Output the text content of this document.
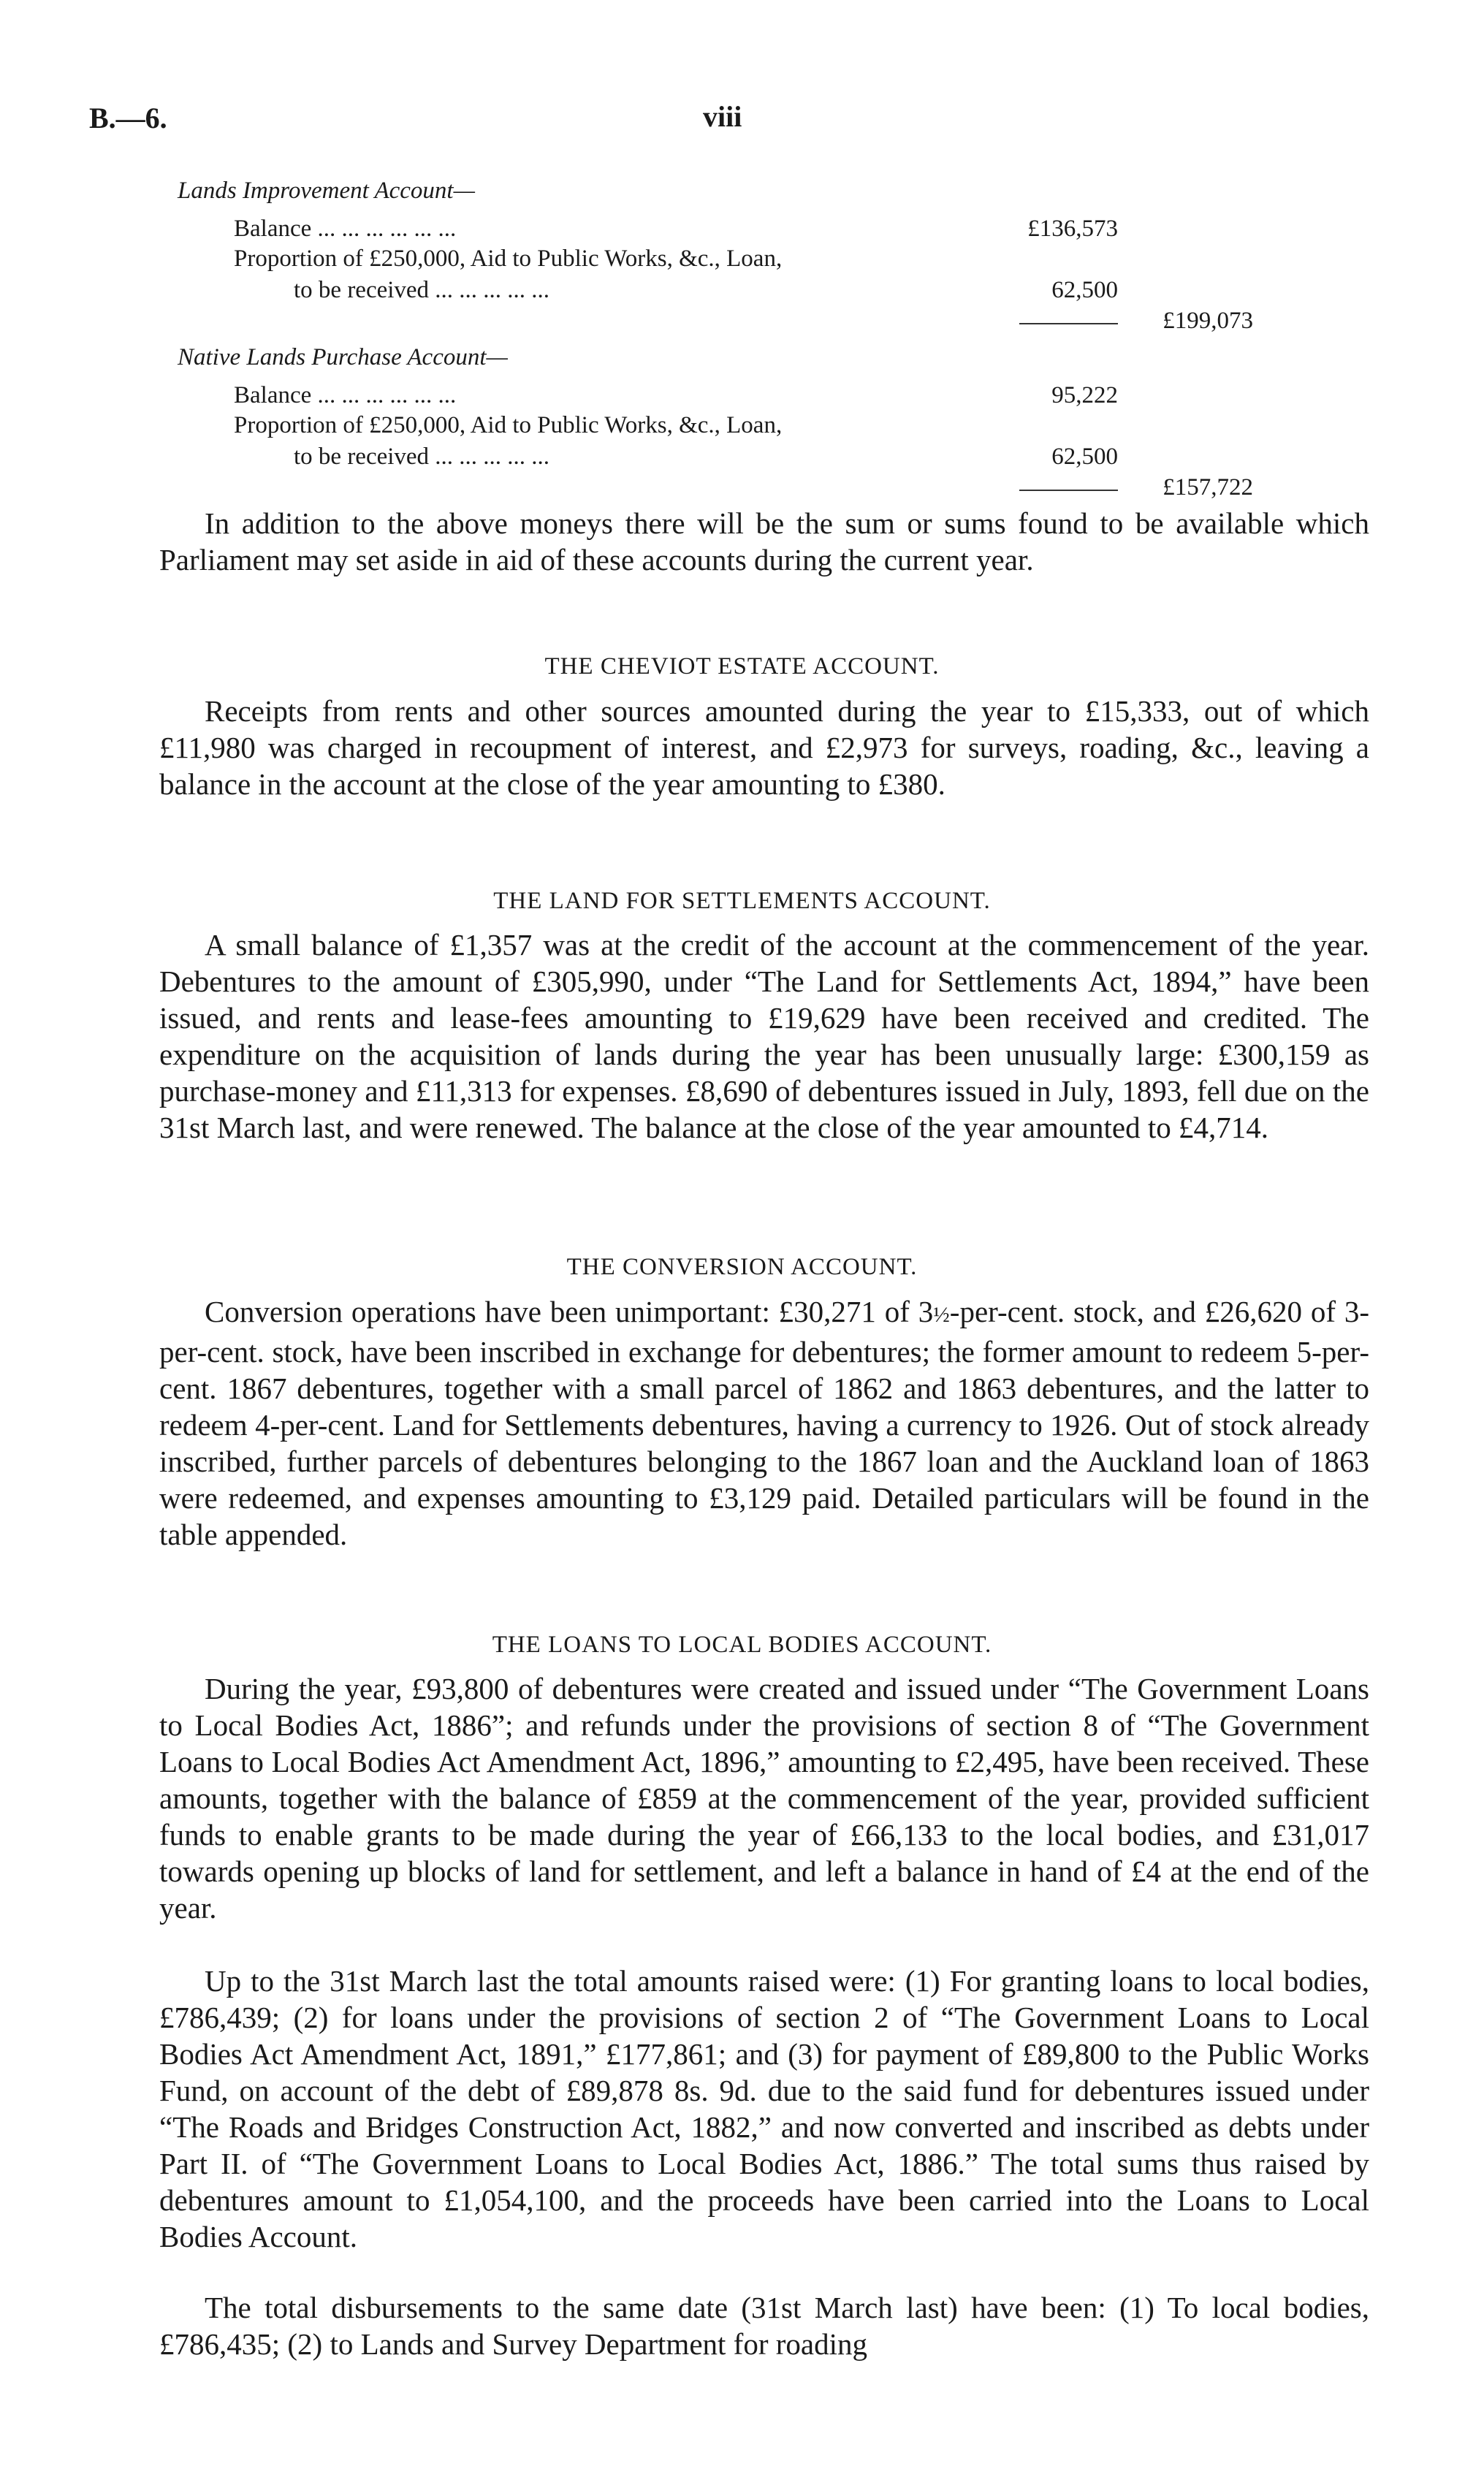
B.—6.	viii
Lands Improvement Account—
Balance ... ... ... ... ... ...	£136,573
Proportion of £250,000, Aid to Public Works, &c., Loan,
to be received ... ... ... ... ...	62,500
£199,073
Native Lands Purchase Account—
Balance ... ... ... ... ... ...	95,222
Proportion of £250,000, Aid to Public Works, &c., Loan,
to be received ... ... ... ... ...	62,500
£157,722
In addition to the above moneys there will be the sum or sums found to be available which Parliament may set aside in aid of these accounts during the current year.
THE CHEVIOT ESTATE ACCOUNT.
Receipts from rents and other sources amounted during the year to £15,333, out of which £11,980 was charged in recoupment of interest, and £2,973 for surveys, roading, &c., leaving a balance in the account at the close of the year amounting to £380.
THE LAND FOR SETTLEMENTS ACCOUNT.
A small balance of £1,357 was at the credit of the account at the commencement of the year. Debentures to the amount of £305,990, under “The Land for Settlements Act, 1894,” have been issued, and rents and lease-fees amounting to £19,629 have been received and credited. The expenditure on the acquisition of lands during the year has been unusually large: £300,159 as purchase-money and £11,313 for expenses. £8,690 of debentures issued in July, 1893, fell due on the 31st March last, and were renewed. The balance at the close of the year amounted to £4,714.
THE CONVERSION ACCOUNT.
Conversion operations have been unimportant: £30,271 of 3½-per-cent. stock, and £26,620 of 3-per-cent. stock, have been inscribed in exchange for debentures; the former amount to redeem 5-per-cent. 1867 debentures, together with a small parcel of 1862 and 1863 debentures, and the latter to redeem 4-per-cent. Land for Settlements debentures, having a currency to 1926. Out of stock already inscribed, further parcels of debentures belonging to the 1867 loan and the Auckland loan of 1863 were redeemed, and expenses amounting to £3,129 paid. Detailed particulars will be found in the table appended.
THE LOANS TO LOCAL BODIES ACCOUNT.
During the year, £93,800 of debentures were created and issued under “The Government Loans to Local Bodies Act, 1886”; and refunds under the provisions of section 8 of “The Government Loans to Local Bodies Act Amendment Act, 1896,” amounting to £2,495, have been received. These amounts, together with the balance of £859 at the commencement of the year, provided sufficient funds to enable grants to be made during the year of £66,133 to the local bodies, and £31,017 towards opening up blocks of land for settlement, and left a balance in hand of £4 at the end of the year.
Up to the 31st March last the total amounts raised were: (1) For granting loans to local bodies, £786,439; (2) for loans under the provisions of section 2 of “The Government Loans to Local Bodies Act Amendment Act, 1891,” £177,861; and (3) for payment of £89,800 to the Public Works Fund, on account of the debt of £89,878 8s. 9d. due to the said fund for debentures issued under “The Roads and Bridges Construction Act, 1882,” and now converted and inscribed as debts under Part II. of “The Government Loans to Local Bodies Act, 1886.” The total sums thus raised by debentures amount to £1,054,100, and the proceeds have been carried into the Loans to Local Bodies Account.
The total disbursements to the same date (31st March last) have been: (1) To local bodies, £786,435; (2) to Lands and Survey Department for roading
